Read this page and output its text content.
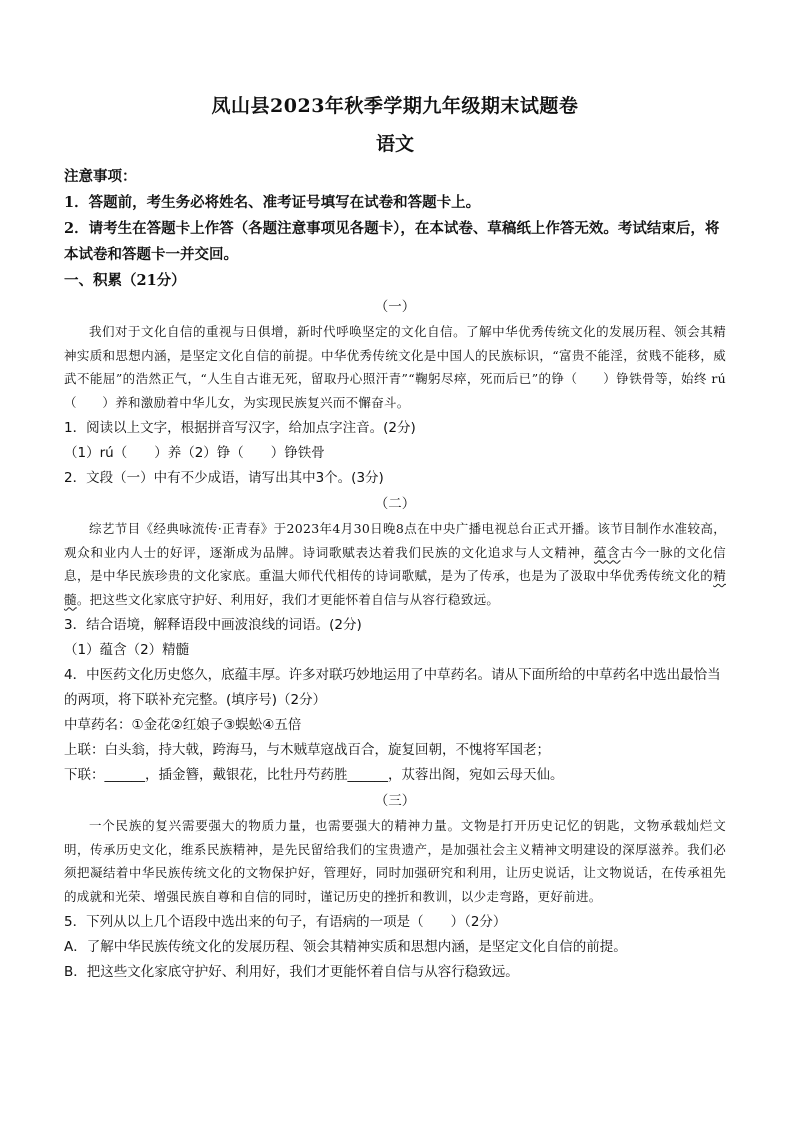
凤山县2023年秋季学期九年级期末试题卷
语文

注意事项：

1．答题前，考生务必将姓名、准考证号填写在试卷和答题卡上。

2．请考生在答题卡上作答（各题注意事项见各题卡），在本试卷、草稿纸上作答无效。考试结束后，将本试卷和答题卡一并交回。

一、积累（21分）

（一）

我们对于文化自信的重视与日俱增，新时代呼唤坚定的文化自信。了解中华优秀传统文化的发展历程、领会其精神实质和思想内涵，是坚定文化自信的前提。中华优秀传统文化是中国人的民族标识，“富贵不能淫，贫贱不能移，威武不能屈”的浩然正气，“人生自古谁无死，留取丹心照汗青”“鞠躬尽瘁，死而后已”的铮（　　）铮铁骨等，始终 rú（　　）养和激励着中华儿女，为实现民族复兴而不懈奋斗。

1．阅读以上文字，根据拼音写汉字，给加点字注音。(2分)

（1）rú（　　）养（2）铮（　　）铮铁骨

2．文段（一）中有不少成语，请写出其中3个。(3分)

（二）

综艺节目《经典咏流传·正青春》于2023年4月30日晚8点在中央广播电视总台正式开播。该节目制作水准较高，观众和业内人士的好评，逐渐成为品牌。诗词歌赋表达着我们民族的文化追求与人文精神，蕴含古今一脉的文化信息，是中华民族珍贵的文化家底。重温大师代代相传的诗词歌赋，是为了传承，也是为了汲取中华优秀传统文化的精髓。把这些文化家底守护好、利用好，我们才更能怀着自信与从容行稳致远。

3．结合语境，解释语段中画波浪线的词语。(2分)

（1）蕴含（2）精髓

4．中医药文化历史悠久，底蕴丰厚。许多对联巧妙地运用了中草药名。请从下面所给的中草药名中选出最恰当的两项，将下联补充完整。(填序号)（2分）

中草药名：①金花②红娘子③蜈蚣④五倍

上联：白头翁，持大戟，跨海马，与木贼草寇战百合，旋复回朝，不愧将军国老；

下联：______，插金簪，戴银花，比牡丹芍药胜______，苁蓉出阁，宛如云母天仙。

（三）

一个民族的复兴需要强大的物质力量，也需要强大的精神力量。文物是打开历史记忆的钥匙，文物承载灿烂文明，传承历史文化，维系民族精神，是先民留给我们的宝贵遗产，是加强社会主义精神文明建设的深厚滋养。我们必须把凝结着中华民族传统文化的文物保护好，管理好，同时加强研究和利用，让历史说话，让文物说话，在传承祖先的成就和光荣、增强民族自尊和自信的同时，谨记历史的挫折和教训，以少走弯路，更好前进。

5．下列从以上几个语段中选出来的句子，有语病的一项是（　　）（2分）

A．了解中华民族传统文化的发展历程、领会其精神实质和思想内涵，是坚定文化自信的前提。

B．把这些文化家底守护好、利用好，我们才更能怀着自信与从容行稳致远。
